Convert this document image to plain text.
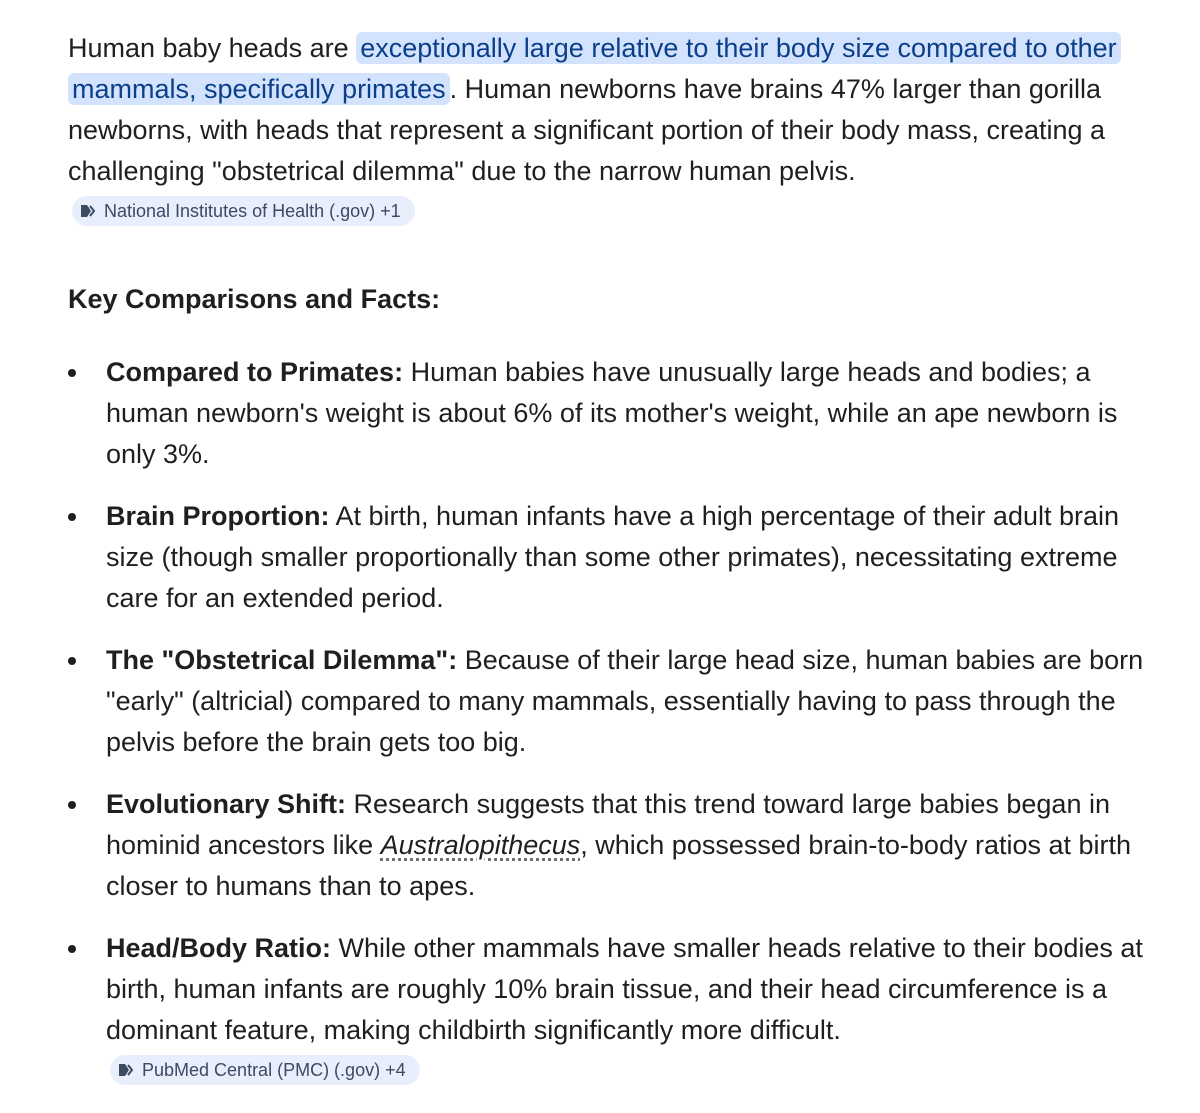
Human baby heads are exceptionally large relative to their body size compared to other mammals, specifically primates . Human newborns have brains 47% larger than gorilla newborns, with heads that represent a significant portion of their body mass, creating a challenging "obstetrical dilemma" due to the narrow human pelvis.
National Institutes of Health (.gov) +1

Key Comparisons and Facts:

Compared to Primates: Human babies have unusually large heads and bodies; a human newborn's weight is about 6% of its mother's weight, while an ape newborn is only 3%.
Brain Proportion: At birth, human infants have a high percentage of their adult brain size (though smaller proportionally than some other primates), necessitating extreme care for an extended period.
The "Obstetrical Dilemma": Because of their large head size, human babies are born "early" (altricial) compared to many mammals, essentially having to pass through the pelvis before the brain gets too big.
Evolutionary Shift: Research suggests that this trend toward large babies began in hominid ancestors like Australopithecus, which possessed brain-to-body ratios at birth closer to humans than to apes.
Head/Body Ratio: While other mammals have smaller heads relative to their bodies at birth, human infants are roughly 10% brain tissue, and their head circumference is a dominant feature, making childbirth significantly more difficult.
PubMed Central (PMC) (.gov) +4
